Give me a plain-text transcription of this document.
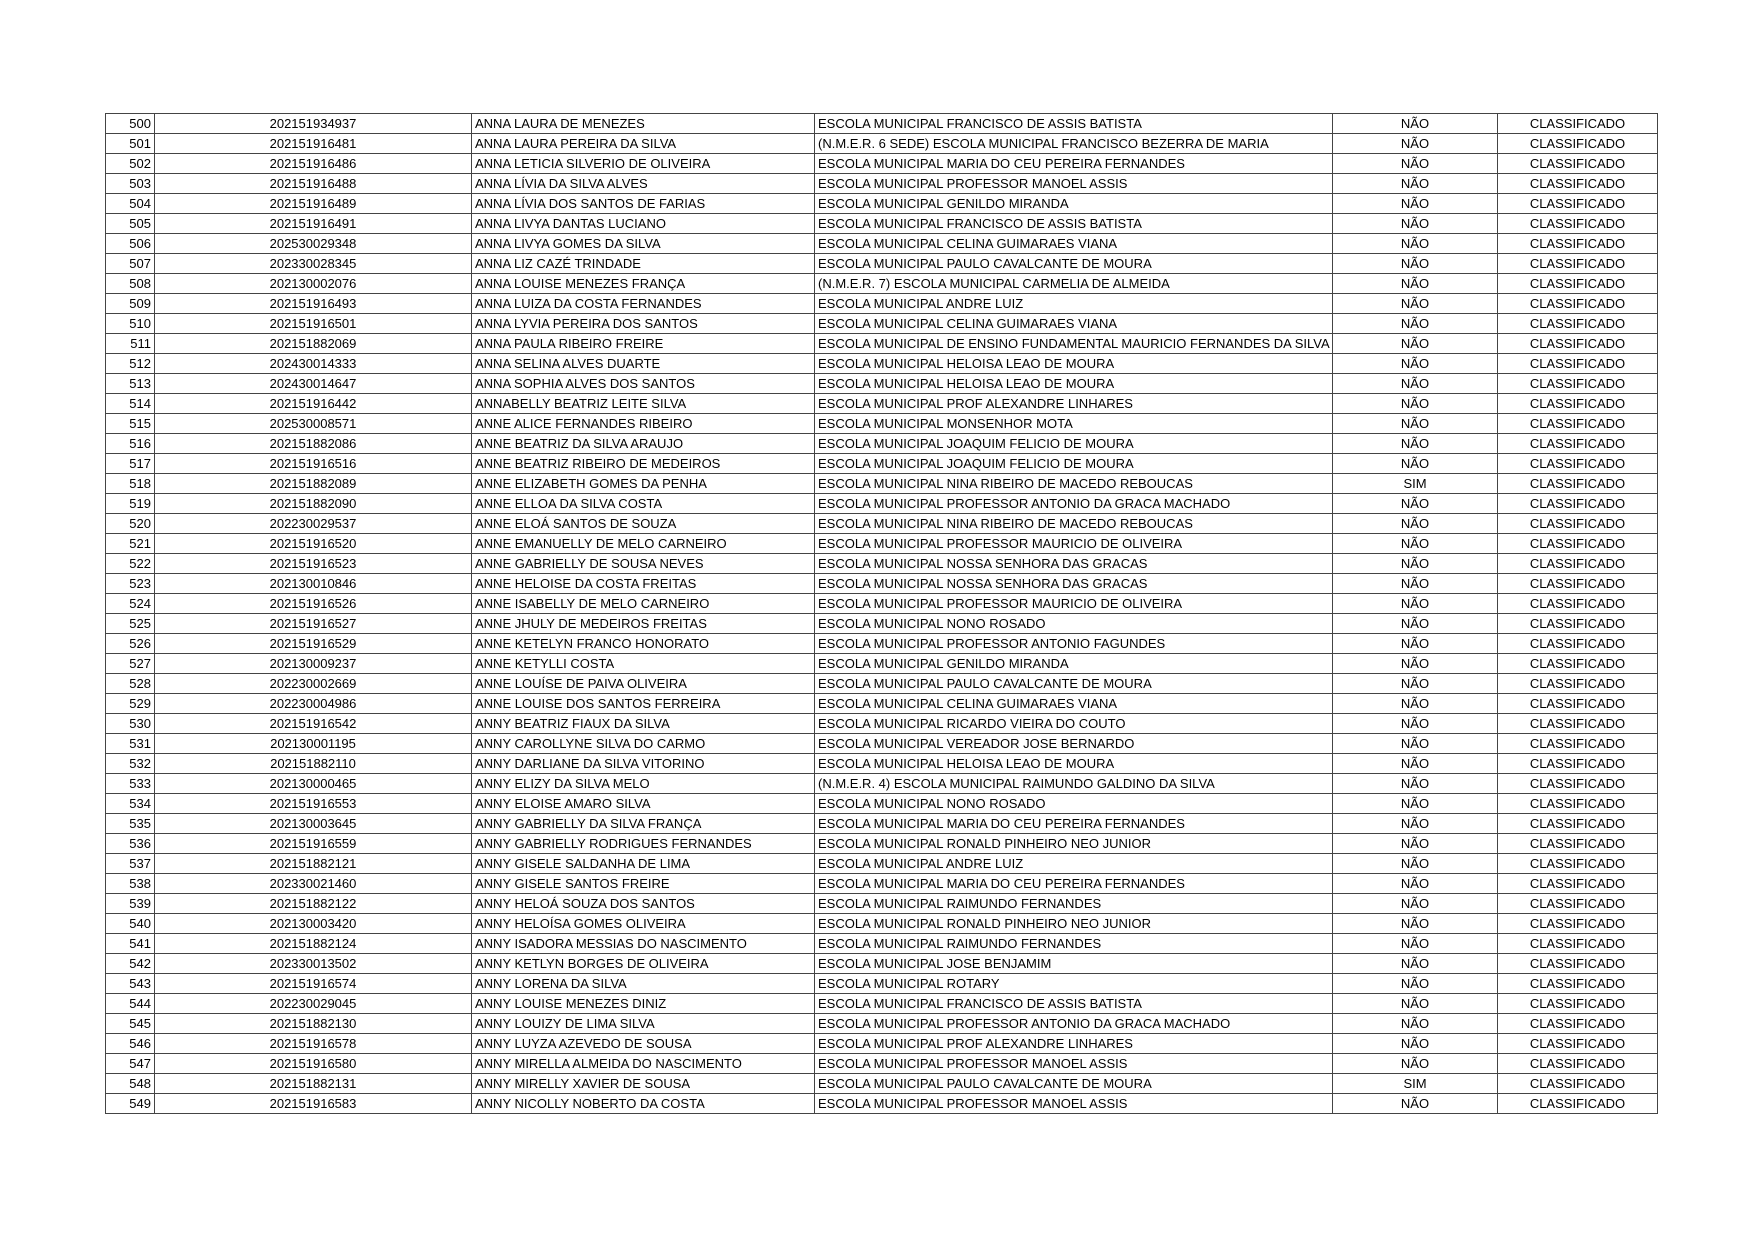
500	202151934937	ANNA LAURA DE MENEZES	ESCOLA MUNICIPAL FRANCISCO DE ASSIS BATISTA	NÃO	CLASSIFICADO
501	202151916481	ANNA LAURA PEREIRA DA SILVA	(N.M.E.R. 6 SEDE) ESCOLA MUNICIPAL FRANCISCO BEZERRA DE MARIA	NÃO	CLASSIFICADO
502	202151916486	ANNA LETICIA SILVERIO DE OLIVEIRA	ESCOLA MUNICIPAL MARIA DO CEU PEREIRA FERNANDES	NÃO	CLASSIFICADO
503	202151916488	ANNA LÍVIA DA SILVA ALVES	ESCOLA MUNICIPAL PROFESSOR MANOEL ASSIS	NÃO	CLASSIFICADO
504	202151916489	ANNA LÍVIA DOS SANTOS DE FARIAS	ESCOLA MUNICIPAL GENILDO MIRANDA	NÃO	CLASSIFICADO
505	202151916491	ANNA LIVYA DANTAS LUCIANO	ESCOLA MUNICIPAL FRANCISCO DE ASSIS BATISTA	NÃO	CLASSIFICADO
506	202530029348	ANNA LIVYA GOMES DA SILVA	ESCOLA MUNICIPAL CELINA GUIMARAES VIANA	NÃO	CLASSIFICADO
507	202330028345	ANNA LIZ CAZÉ TRINDADE	ESCOLA MUNICIPAL PAULO CAVALCANTE DE MOURA	NÃO	CLASSIFICADO
508	202130002076	ANNA LOUISE MENEZES FRANÇA	(N.M.E.R. 7) ESCOLA MUNICIPAL CARMELIA DE ALMEIDA	NÃO	CLASSIFICADO
509	202151916493	ANNA LUIZA DA COSTA FERNANDES	ESCOLA MUNICIPAL ANDRE LUIZ	NÃO	CLASSIFICADO
510	202151916501	ANNA LYVIA PEREIRA DOS SANTOS	ESCOLA MUNICIPAL CELINA GUIMARAES VIANA	NÃO	CLASSIFICADO
511	202151882069	ANNA PAULA RIBEIRO FREIRE	ESCOLA MUNICIPAL DE ENSINO FUNDAMENTAL MAURICIO FERNANDES DA SILVA	NÃO	CLASSIFICADO
512	202430014333	ANNA SELINA ALVES DUARTE	ESCOLA MUNICIPAL HELOISA LEAO DE MOURA	NÃO	CLASSIFICADO
513	202430014647	ANNA SOPHIA ALVES DOS SANTOS	ESCOLA MUNICIPAL HELOISA LEAO DE MOURA	NÃO	CLASSIFICADO
514	202151916442	ANNABELLY BEATRIZ LEITE SILVA	ESCOLA MUNICIPAL PROF ALEXANDRE LINHARES	NÃO	CLASSIFICADO
515	202530008571	ANNE ALICE FERNANDES RIBEIRO	ESCOLA MUNICIPAL MONSENHOR MOTA	NÃO	CLASSIFICADO
516	202151882086	ANNE BEATRIZ DA SILVA ARAUJO	ESCOLA MUNICIPAL JOAQUIM FELICIO DE MOURA	NÃO	CLASSIFICADO
517	202151916516	ANNE BEATRIZ RIBEIRO DE MEDEIROS	ESCOLA MUNICIPAL JOAQUIM FELICIO DE MOURA	NÃO	CLASSIFICADO
518	202151882089	ANNE ELIZABETH GOMES DA PENHA	ESCOLA MUNICIPAL NINA RIBEIRO DE MACEDO REBOUCAS	SIM	CLASSIFICADO
519	202151882090	ANNE ELLOA DA SILVA COSTA	ESCOLA MUNICIPAL PROFESSOR ANTONIO DA GRACA MACHADO	NÃO	CLASSIFICADO
520	202230029537	ANNE ELOÁ SANTOS DE SOUZA	ESCOLA MUNICIPAL NINA RIBEIRO DE MACEDO REBOUCAS	NÃO	CLASSIFICADO
521	202151916520	ANNE EMANUELLY DE MELO CARNEIRO	ESCOLA MUNICIPAL PROFESSOR MAURICIO DE OLIVEIRA	NÃO	CLASSIFICADO
522	202151916523	ANNE GABRIELLY DE SOUSA NEVES	ESCOLA MUNICIPAL NOSSA SENHORA DAS GRACAS	NÃO	CLASSIFICADO
523	202130010846	ANNE HELOISE DA COSTA FREITAS	ESCOLA MUNICIPAL NOSSA SENHORA DAS GRACAS	NÃO	CLASSIFICADO
524	202151916526	ANNE ISABELLY DE MELO CARNEIRO	ESCOLA MUNICIPAL PROFESSOR MAURICIO DE OLIVEIRA	NÃO	CLASSIFICADO
525	202151916527	ANNE JHULY DE MEDEIROS FREITAS	ESCOLA MUNICIPAL NONO ROSADO	NÃO	CLASSIFICADO
526	202151916529	ANNE KETELYN FRANCO HONORATO	ESCOLA MUNICIPAL PROFESSOR ANTONIO FAGUNDES	NÃO	CLASSIFICADO
527	202130009237	ANNE KETYLLI COSTA	ESCOLA MUNICIPAL GENILDO MIRANDA	NÃO	CLASSIFICADO
528	202230002669	ANNE LOUÍSE DE PAIVA OLIVEIRA	ESCOLA MUNICIPAL PAULO CAVALCANTE DE MOURA	NÃO	CLASSIFICADO
529	202230004986	ANNE LOUISE DOS SANTOS FERREIRA	ESCOLA MUNICIPAL CELINA GUIMARAES VIANA	NÃO	CLASSIFICADO
530	202151916542	ANNY BEATRIZ FIAUX DA SILVA	ESCOLA MUNICIPAL RICARDO VIEIRA DO COUTO	NÃO	CLASSIFICADO
531	202130001195	ANNY CAROLLYNE SILVA DO CARMO	ESCOLA MUNICIPAL VEREADOR JOSE BERNARDO	NÃO	CLASSIFICADO
532	202151882110	ANNY DARLIANE DA SILVA VITORINO	ESCOLA MUNICIPAL HELOISA LEAO DE MOURA	NÃO	CLASSIFICADO
533	202130000465	ANNY ELIZY DA SILVA MELO	(N.M.E.R. 4) ESCOLA MUNICIPAL RAIMUNDO GALDINO DA SILVA	NÃO	CLASSIFICADO
534	202151916553	ANNY ELOISE AMARO SILVA	ESCOLA MUNICIPAL NONO ROSADO	NÃO	CLASSIFICADO
535	202130003645	ANNY GABRIELLY DA SILVA FRANÇA	ESCOLA MUNICIPAL MARIA DO CEU PEREIRA FERNANDES	NÃO	CLASSIFICADO
536	202151916559	ANNY GABRIELLY RODRIGUES FERNANDES	ESCOLA MUNICIPAL RONALD PINHEIRO NEO JUNIOR	NÃO	CLASSIFICADO
537	202151882121	ANNY GISELE SALDANHA DE LIMA	ESCOLA MUNICIPAL ANDRE LUIZ	NÃO	CLASSIFICADO
538	202330021460	ANNY GISELE SANTOS FREIRE	ESCOLA MUNICIPAL MARIA DO CEU PEREIRA FERNANDES	NÃO	CLASSIFICADO
539	202151882122	ANNY HELOÁ SOUZA DOS SANTOS	ESCOLA MUNICIPAL RAIMUNDO FERNANDES	NÃO	CLASSIFICADO
540	202130003420	ANNY HELOÍSA GOMES OLIVEIRA	ESCOLA MUNICIPAL RONALD PINHEIRO NEO JUNIOR	NÃO	CLASSIFICADO
541	202151882124	ANNY ISADORA MESSIAS DO NASCIMENTO	ESCOLA MUNICIPAL RAIMUNDO FERNANDES	NÃO	CLASSIFICADO
542	202330013502	ANNY KETLYN BORGES DE OLIVEIRA	ESCOLA MUNICIPAL JOSE BENJAMIM	NÃO	CLASSIFICADO
543	202151916574	ANNY LORENA DA SILVA	ESCOLA MUNICIPAL ROTARY	NÃO	CLASSIFICADO
544	202230029045	ANNY LOUISE MENEZES DINIZ	ESCOLA MUNICIPAL FRANCISCO DE ASSIS BATISTA	NÃO	CLASSIFICADO
545	202151882130	ANNY LOUIZY DE LIMA SILVA	ESCOLA MUNICIPAL PROFESSOR ANTONIO DA GRACA MACHADO	NÃO	CLASSIFICADO
546	202151916578	ANNY LUYZA AZEVEDO DE SOUSA	ESCOLA MUNICIPAL PROF ALEXANDRE LINHARES	NÃO	CLASSIFICADO
547	202151916580	ANNY MIRELLA ALMEIDA DO NASCIMENTO	ESCOLA MUNICIPAL PROFESSOR MANOEL ASSIS	NÃO	CLASSIFICADO
548	202151882131	ANNY MIRELLY XAVIER DE SOUSA	ESCOLA MUNICIPAL PAULO CAVALCANTE DE MOURA	SIM	CLASSIFICADO
549	202151916583	ANNY NICOLLY NOBERTO DA COSTA	ESCOLA MUNICIPAL PROFESSOR MANOEL ASSIS	NÃO	CLASSIFICADO
